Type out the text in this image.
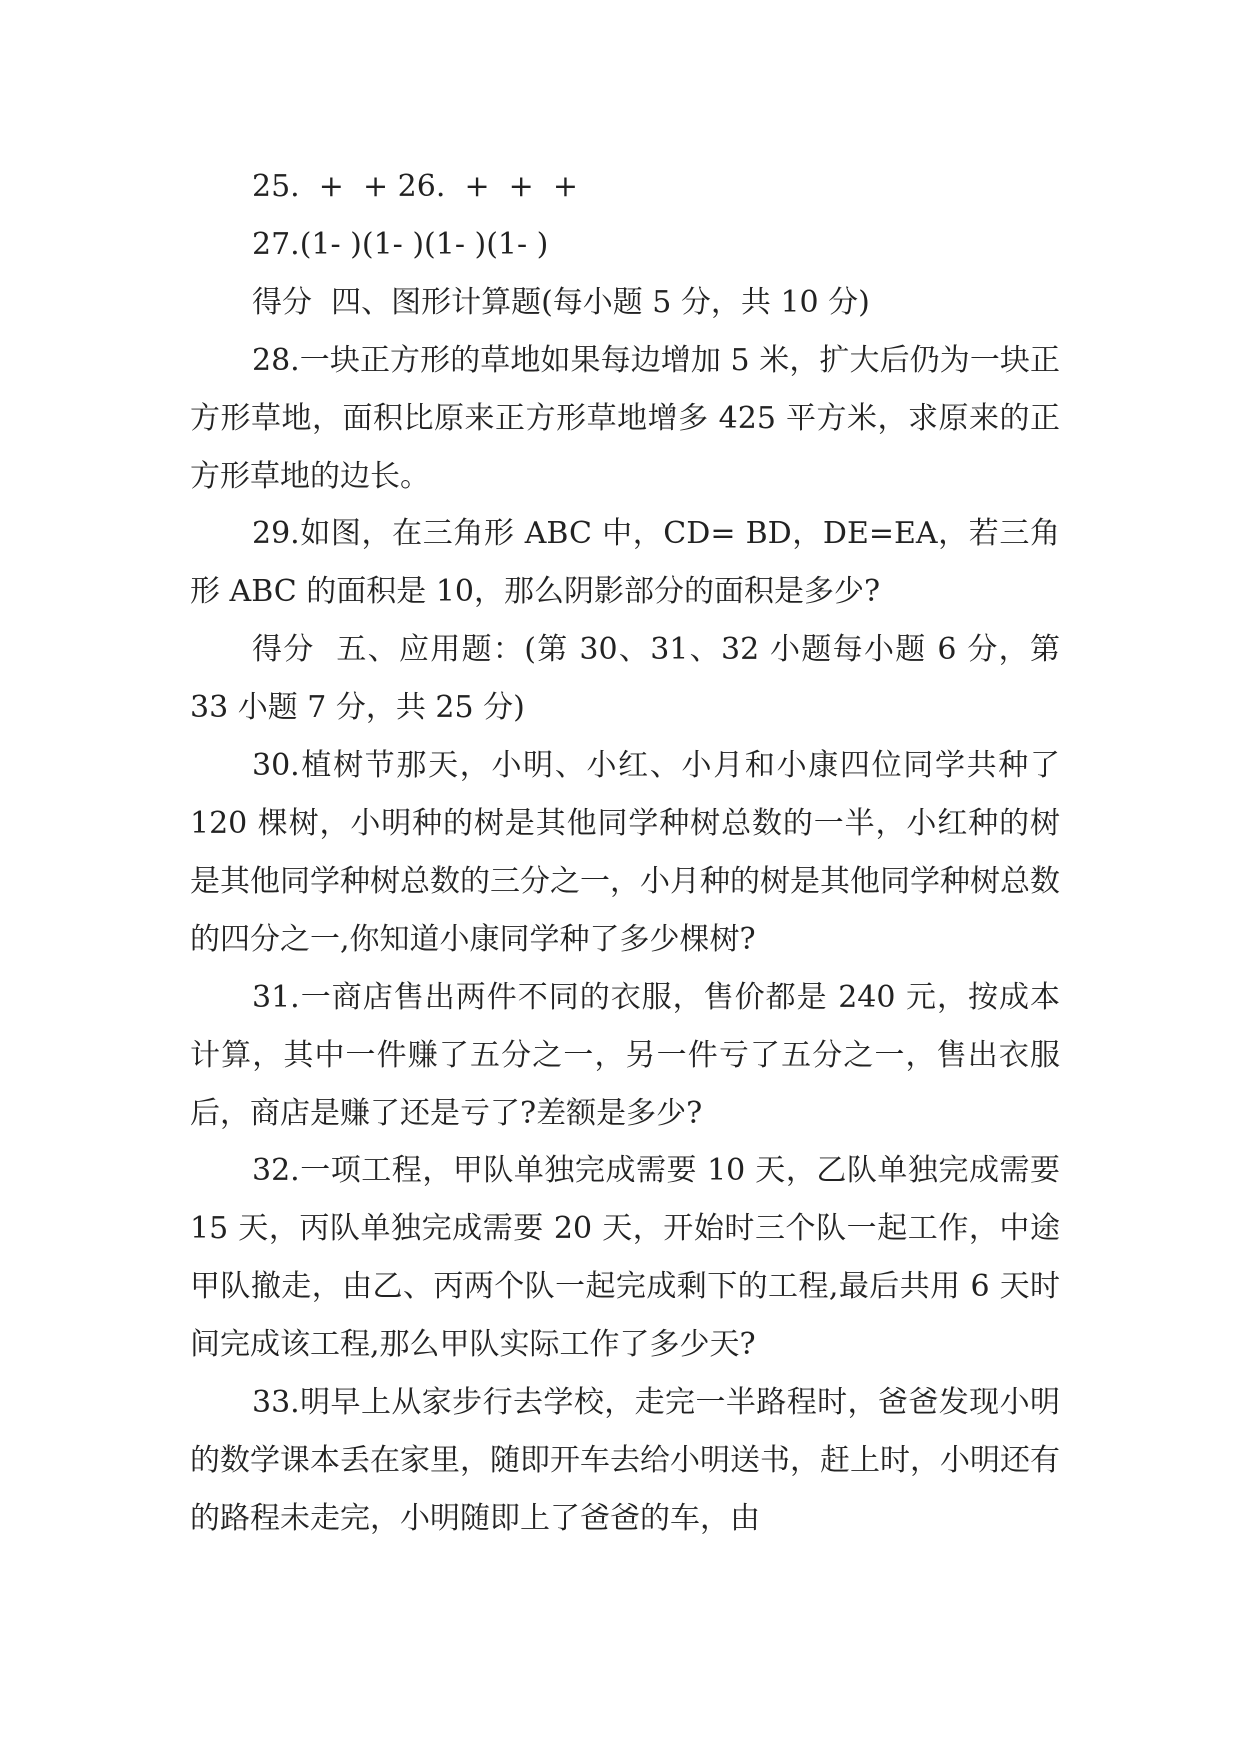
25.  +  + 26.  +  +  +

27.(1- )(1- )(1- )(1- )

得分  四、图形计算题(每小题 5 分，共 10 分)

28.一块正方形的草地如果每边增加 5 米，扩大后仍为一块正方形草地，面积比原来正方形草地增多 425 平方米，求原来的正方形草地的边长。

29.如图，在三角形 ABC 中，CD= BD，DE=EA，若三角形 ABC 的面积是 10，那么阴影部分的面积是多少?

得分  五、应用题：(第 30、31、32 小题每小题 6 分，第 33 小题 7 分，共 25 分)

30.植树节那天，小明、小红、小月和小康四位同学共种了 120 棵树，小明种的树是其他同学种树总数的一半，小红种的树是其他同学种树总数的三分之一，小月种的树是其他同学种树总数的四分之一,你知道小康同学种了多少棵树?

31.一商店售出两件不同的衣服，售价都是 240 元，按成本计算，其中一件赚了五分之一，另一件亏了五分之一，售出衣服后，商店是赚了还是亏了?差额是多少?

32.一项工程，甲队单独完成需要 10 天，乙队单独完成需要 15 天，丙队单独完成需要 20 天，开始时三个队一起工作，中途甲队撤走，由乙、丙两个队一起完成剩下的工程,最后共用 6 天时间完成该工程,那么甲队实际工作了多少天?

33.明早上从家步行去学校，走完一半路程时，爸爸发现小明的数学课本丢在家里，随即开车去给小明送书，赶上时，小明还有  的路程未走完，小明随即上了爸爸的车，由
